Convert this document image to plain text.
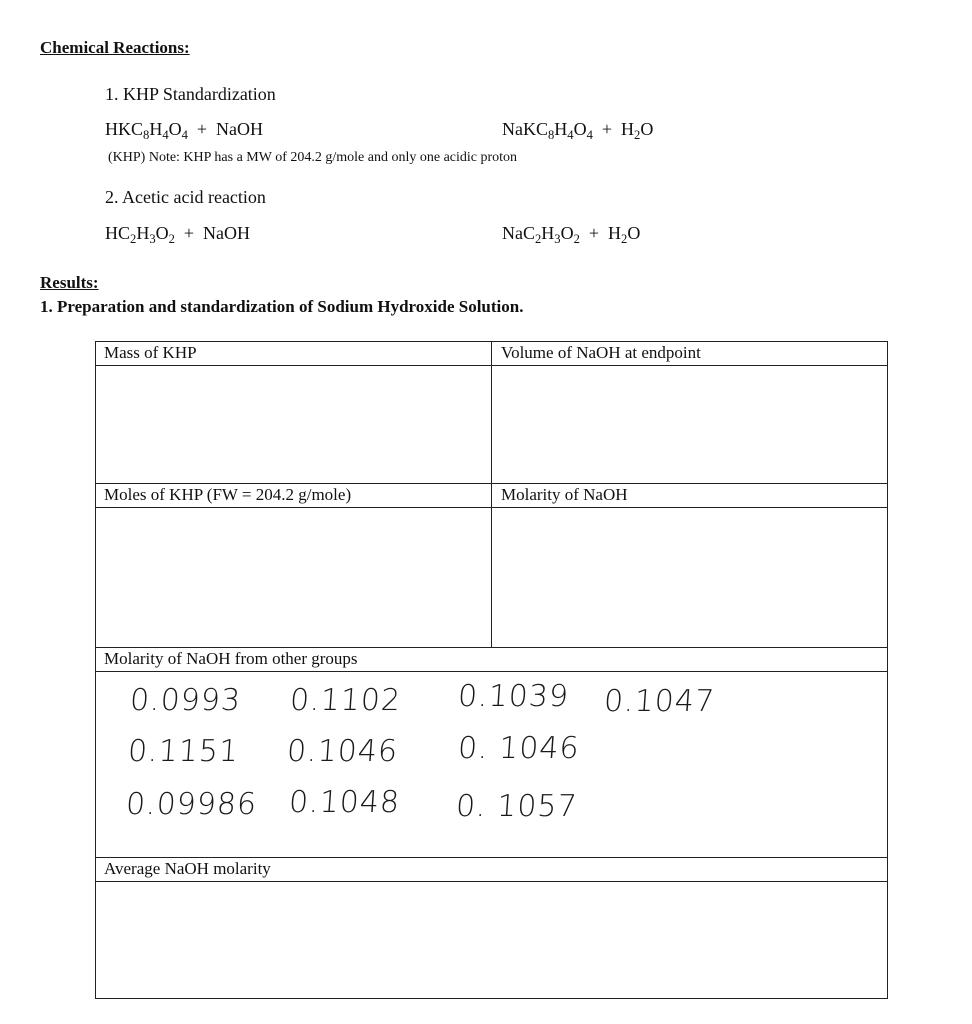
Chemical Reactions:
1. KHP Standardization
$HKC_8H_4O_4$  +  NaOH	$NaKC_8H_4O_4 + H_2O$
(KHP) Note: KHP has a MW of 204.2 g/mole and only one acidic proton
2. Acetic acid reaction
$HC_2H_3O_2$  +  NaOH	$NaC_2H_3O_2 + H_2O$
Results:
1. Preparation and standardization of Sodium Hydroxide Solution.
Mass of KHP	Volume of NaOH at endpoint
Moles of KHP (FW = 204.2 g/mole)	Molarity of NaOH
Molarity of NaOH from other groups
Average NaOH molarity
0.0993 0.1102 0.1039 0.1047
0.1151 0.1046 0. 1046
0.09986 0.1048 0. 1057
